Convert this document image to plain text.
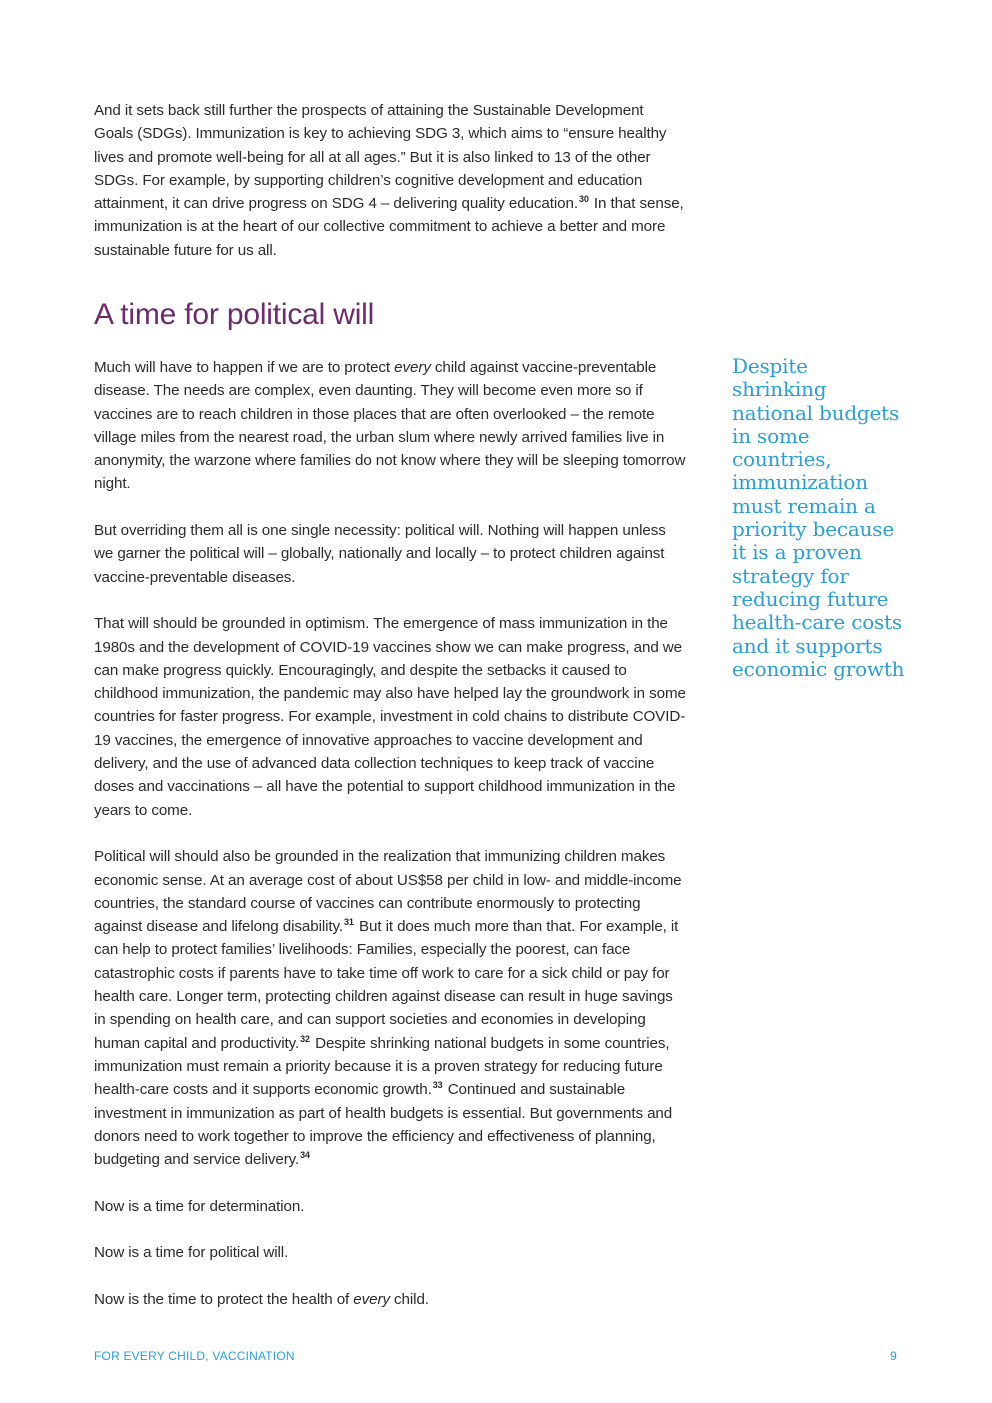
And it sets back still further the prospects of attaining the Sustainable Development Goals (SDGs). Immunization is key to achieving SDG 3, which aims to “ensure healthy lives and promote well-being for all at all ages.” But it is also linked to 13 of the other SDGs. For example, by supporting children’s cognitive development and education attainment, it can drive progress on SDG 4 – delivering quality education.$^{30}$ In that sense, immunization is at the heart of our collective commitment to achieve a better and more sustainable future for us all.

A time for political will

Much will have to happen if we are to protect every child against vaccine-preventable disease. The needs are complex, even daunting. They will become even more so if vaccines are to reach children in those places that are often overlooked – the remote village miles from the nearest road, the urban slum where newly arrived families live in anonymity, the warzone where families do not know where they will be sleeping tomorrow night.

But overriding them all is one single necessity: political will. Nothing will happen unless we garner the political will – globally, nationally and locally – to protect children against vaccine-preventable diseases.

That will should be grounded in optimism. The emergence of mass immunization in the 1980s and the development of COVID-19 vaccines show we can make progress, and we can make progress quickly. Encouragingly, and despite the setbacks it caused to childhood immunization, the pandemic may also have helped lay the groundwork in some countries for faster progress. For example, investment in cold chains to distribute COVID-19 vaccines, the emergence of innovative approaches to vaccine development and delivery, and the use of advanced data collection techniques to keep track of vaccine doses and vaccinations – all have the potential to support childhood immunization in the years to come.

Political will should also be grounded in the realization that immunizing children makes economic sense. At an average cost of about US$58 per child in low- and middle-income countries, the standard course of vaccines can contribute enormously to protecting against disease and lifelong disability.$^{31}$ But it does much more than that. For example, it can help to protect families’ livelihoods: Families, especially the poorest, can face catastrophic costs if parents have to take time off work to care for a sick child or pay for health care. Longer term, protecting children against disease can result in huge savings in spending on health care, and can support societies and economies in developing human capital and productivity.$^{32}$ Despite shrinking national budgets in some countries, immunization must remain a priority because it is a proven strategy for reducing future health-care costs and it supports economic growth.$^{33}$ Continued and sustainable investment in immunization as part of health budgets is essential. But governments and donors need to work together to improve the efficiency and effectiveness of planning, budgeting and service delivery.$^{34}$

Now is a time for determination.

Now is a time for political will.

Now is the time to protect the health of every child.

Despite shrinking national budgets in some countries, immunization must remain a priority because it is a proven strategy for reducing future health-care costs and it supports economic growth
FOR EVERY CHILD, VACCINATION	9
